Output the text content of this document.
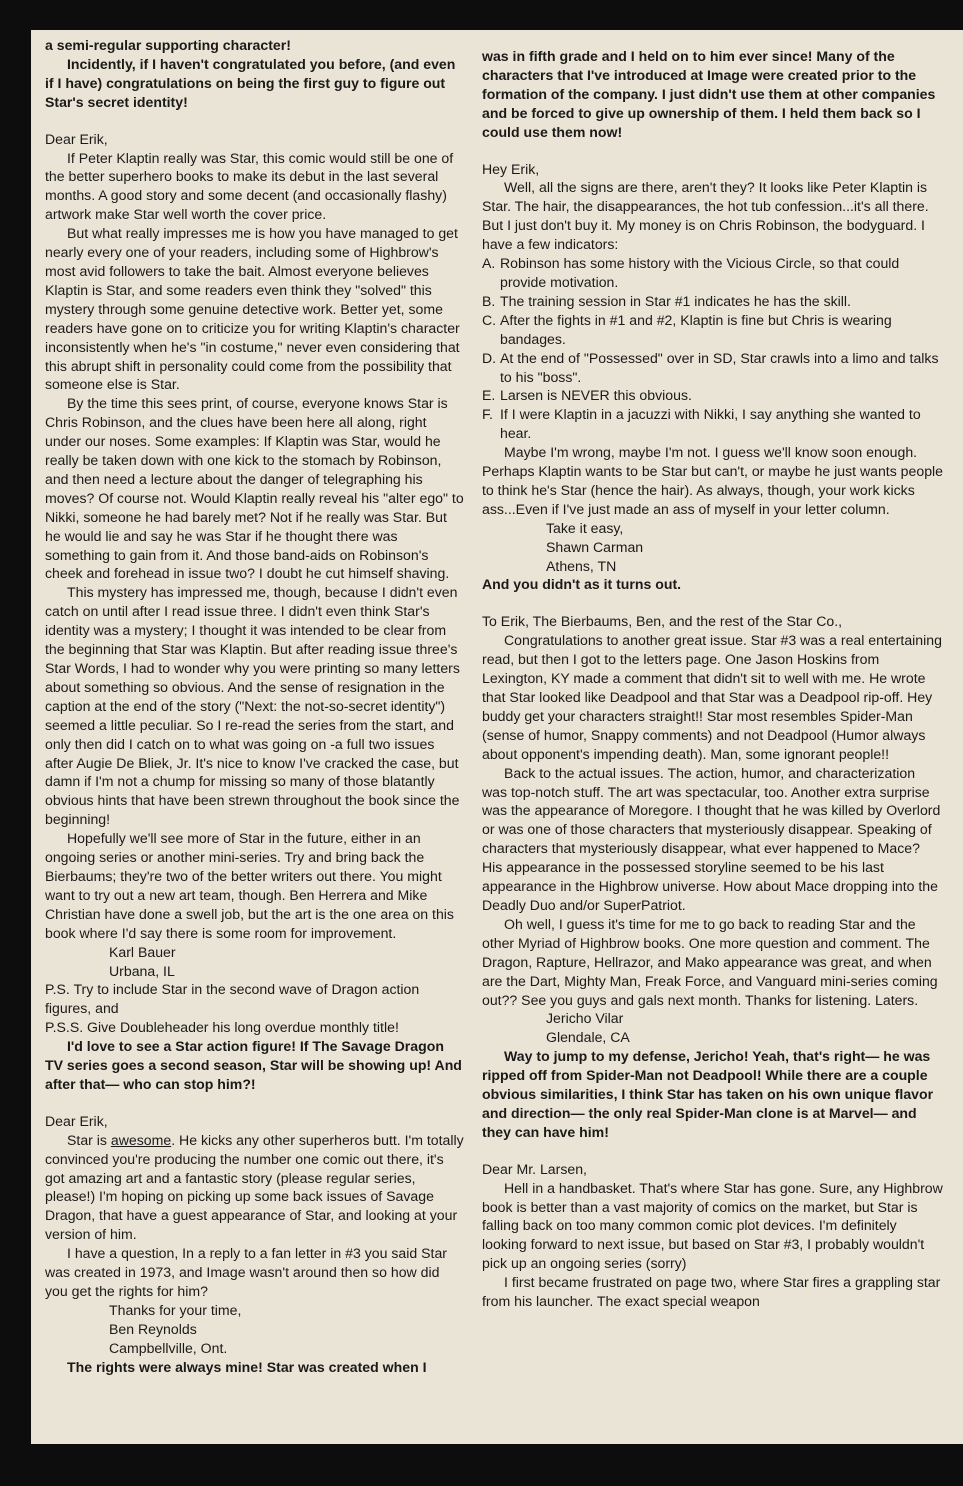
a semi-regular supporting character!

Incidently, if I haven't congratulated you before, (and even if I have) congratulations on being the first guy to figure out Star's secret identity!

Dear Erik,

If Peter Klaptin really was Star, this comic would still be one of the better superhero books to make its debut in the last several months. A good story and some decent (and occasionally flashy) artwork make Star well worth the cover price.

But what really impresses me is how you have managed to get nearly every one of your readers, including some of Highbrow's most avid followers to take the bait. Almost everyone believes Klaptin is Star, and some readers even think they "solved" this mystery through some genuine detective work. Better yet, some readers have gone on to criticize you for writing Klaptin's character inconsistently when he's "in costume," never even considering that this abrupt shift in personality could come from the possibility that someone else is Star.

By the time this sees print, of course, everyone knows Star is Chris Robinson, and the clues have been here all along, right under our noses. Some examples: If Klaptin was Star, would he really be taken down with one kick to the stomach by Robinson, and then need a lecture about the danger of telegraphing his moves? Of course not. Would Klaptin really reveal his "alter ego" to Nikki, someone he had barely met? Not if he really was Star. But he would lie and say he was Star if he thought there was something to gain from it. And those band-aids on Robinson's cheek and forehead in issue two? I doubt he cut himself shaving.

This mystery has impressed me, though, because I didn't even catch on until after I read issue three. I didn't even think Star's identity was a mystery; I thought it was intended to be clear from the beginning that Star was Klaptin. But after reading issue three's Star Words, I had to wonder why you were printing so many letters about something so obvious. And the sense of resignation in the caption at the end of the story ("Next: the not-so-secret identity") seemed a little peculiar. So I re-read the series from the start, and only then did I catch on to what was going on -a full two issues after Augie De Bliek, Jr. It's nice to know I've cracked the case, but damn if I'm not a chump for missing so many of those blatantly obvious hints that have been strewn throughout the book since the beginning!

Hopefully we'll see more of Star in the future, either in an ongoing series or another mini-series. Try and bring back the Bierbaums; they're two of the better writers out there. You might want to try out a new art team, though. Ben Herrera and Mike Christian have done a swell job, but the art is the one area on this book where I'd say there is some room for improvement.

Karl Bauer

Urbana, IL

P.S. Try to include Star in the second wave of Dragon action figures, and

P.S.S. Give Doubleheader his long overdue monthly title!

I'd love to see a Star action figure! If The Savage Dragon TV series goes a second season, Star will be showing up! And after that— who can stop him?!

Dear Erik,

Star is awesome. He kicks any other superheros butt. I'm totally convinced you're producing the number one comic out there, it's got amazing art and a fantastic story (please regular series, please!) I'm hoping on picking up some back issues of Savage Dragon, that have a guest appearance of Star, and looking at your version of him.

I have a question, In a reply to a fan letter in #3 you said Star was created in 1973, and Image wasn't around then so how did you get the rights for him?

Thanks for your time,

Ben Reynolds

Campbellville, Ont.

The rights were always mine! Star was created when I

was in fifth grade and I held on to him ever since! Many of the characters that I've introduced at Image were created prior to the formation of the company. I just didn't use them at other companies and be forced to give up ownership of them. I held them back so I could use them now!

Hey Erik,

Well, all the signs are there, aren't they? It looks like Peter Klaptin is Star. The hair, the disappearances, the hot tub confession...it's all there. But I just don't buy it. My money is on Chris Robinson, the bodyguard. I have a few indicators:

A. Robinson has some history with the Vicious Circle, so that could provide motivation.

B. The training session in Star #1 indicates he has the skill.

C. After the fights in #1 and #2, Klaptin is fine but Chris is wearing bandages.

D. At the end of "Possessed" over in SD, Star crawls into a limo and talks to his "boss".

E. Larsen is NEVER this obvious.

F. If I were Klaptin in a jacuzzi with Nikki, I say anything she wanted to hear.

Maybe I'm wrong, maybe I'm not. I guess we'll know soon enough. Perhaps Klaptin wants to be Star but can't, or maybe he just wants people to think he's Star (hence the hair). As always, though, your work kicks ass...Even if I've just made an ass of myself in your letter column.

Take it easy,

Shawn Carman

Athens, TN

And you didn't as it turns out.

To Erik, The Bierbaums, Ben, and the rest of the Star Co.,

Congratulations to another great issue. Star #3 was a real entertaining read, but then I got to the letters page. One Jason Hoskins from Lexington, KY made a comment that didn't sit to well with me. He wrote that Star looked like Deadpool and that Star was a Deadpool rip-off. Hey buddy get your characters straight!! Star most resembles Spider-Man (sense of humor, Snappy comments) and not Deadpool (Humor always about opponent's impending death). Man, some ignorant people!!

Back to the actual issues. The action, humor, and characterization was top-notch stuff. The art was spectacular, too. Another extra surprise was the appearance of Moregore. I thought that he was killed by Overlord or was one of those characters that mysteriously disappear. Speaking of characters that mysteriously disappear, what ever happened to Mace? His appearance in the possessed storyline seemed to be his last appearance in the Highbrow universe. How about Mace dropping into the Deadly Duo and/or SuperPatriot.

Oh well, I guess it's time for me to go back to reading Star and the other Myriad of Highbrow books. One more question and comment. The Dragon, Rapture, Hellrazor, and Mako appearance was great, and when are the Dart, Mighty Man, Freak Force, and Vanguard mini-series coming out?? See you guys and gals next month. Thanks for listening. Laters.

Jericho Vilar

Glendale, CA

Way to jump to my defense, Jericho! Yeah, that's right— he was ripped off from Spider-Man not Deadpool! While there are a couple obvious similarities, I think Star has taken on his own unique flavor and direction— the only real Spider-Man clone is at Marvel— and they can have him!

Dear Mr. Larsen,

Hell in a handbasket. That's where Star has gone. Sure, any Highbrow book is better than a vast majority of comics on the market, but Star is falling back on too many common comic plot devices. I'm definitely looking forward to next issue, but based on Star #3, I probably wouldn't pick up an ongoing series (sorry)

I first became frustrated on page two, where Star fires a grappling star from his launcher. The exact special weapon
